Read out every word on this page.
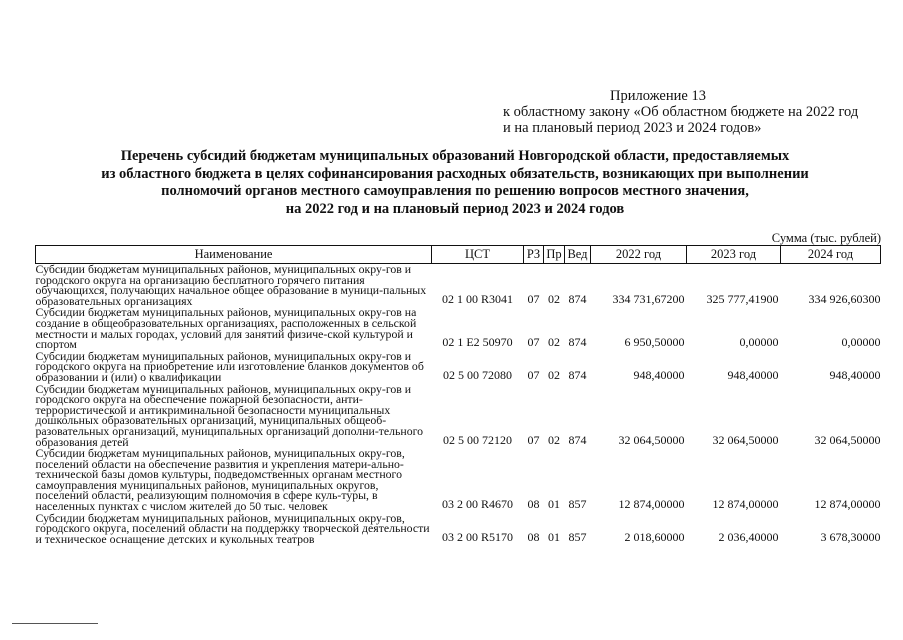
Приложение 13
к областному закону «Об областном бюджете на 2022 год
и на плановый период 2023 и 2024 годов»
Перечень субсидий бюджетам муниципальных образований Новгородской области, предоставляемых
из областного бюджета в целях софинансирования расходных обязательств, возникающих при выполнении
полномочий органов местного самоуправления по решению вопросов местного значения,
на 2022 год и на плановый период 2023 и 2024 годов
Сумма (тыс. рублей)
Наименование	ЦСТ	РЗ	Пр	Вед	2022 год	2023 год	2024 год
Субсидии бюджетам муниципальных районов, муниципальных окру-гов и городского округа на организацию бесплатного горячего питания обучающихся, получающих начальное общее образование в муници-пальных образовательных организациях	02 1 00 R3041	07	02	874	334 731,67200	325 777,41900	334 926,60300
Субсидии бюджетам муниципальных районов, муниципальных окру-гов на создание в общеобразовательных организациях, расположенных в сельской местности и малых городах, условий для занятий физиче-ской культурой и спортом	02 1 E2 50970	07	02	874	6 950,50000	0,00000	0,00000
Субсидии бюджетам муниципальных районов, муниципальных окру-гов и городского округа на приобретение или изготовление бланков документов об образовании и (или) о квалификации	02 5 00 72080	07	02	874	948,40000	948,40000	948,40000
Субсидии бюджетам муниципальных районов, муниципальных окру-гов и городского округа на обеспечение пожарной безопасности, анти-террористической и антикриминальной безопасности муниципальных дошкольных образовательных организаций, муниципальных общеоб-разовательных организаций, муниципальных организаций дополни-тельного образования детей	02 5 00 72120	07	02	874	32 064,50000	32 064,50000	32 064,50000
Субсидии бюджетам муниципальных районов, муниципальных окру-гов, поселений области на обеспечение развития и укрепления матери-ально-технической базы домов культуры, подведомственных органам местного самоуправления муниципальных районов, муниципальных округов, поселений области, реализующим полномочия в сфере куль-туры, в населенных пунктах с числом жителей до 50 тыс. человек	03 2 00 R4670	08	01	857	12 874,00000	12 874,00000	12 874,00000
Субсидии бюджетам муниципальных районов, муниципальных окру-гов, городского округа, поселений области на поддержку творческой деятельности и техническое оснащение детских и кукольных театров	03 2 00 R5170	08	01	857	2 018,60000	2 036,40000	3 678,30000
